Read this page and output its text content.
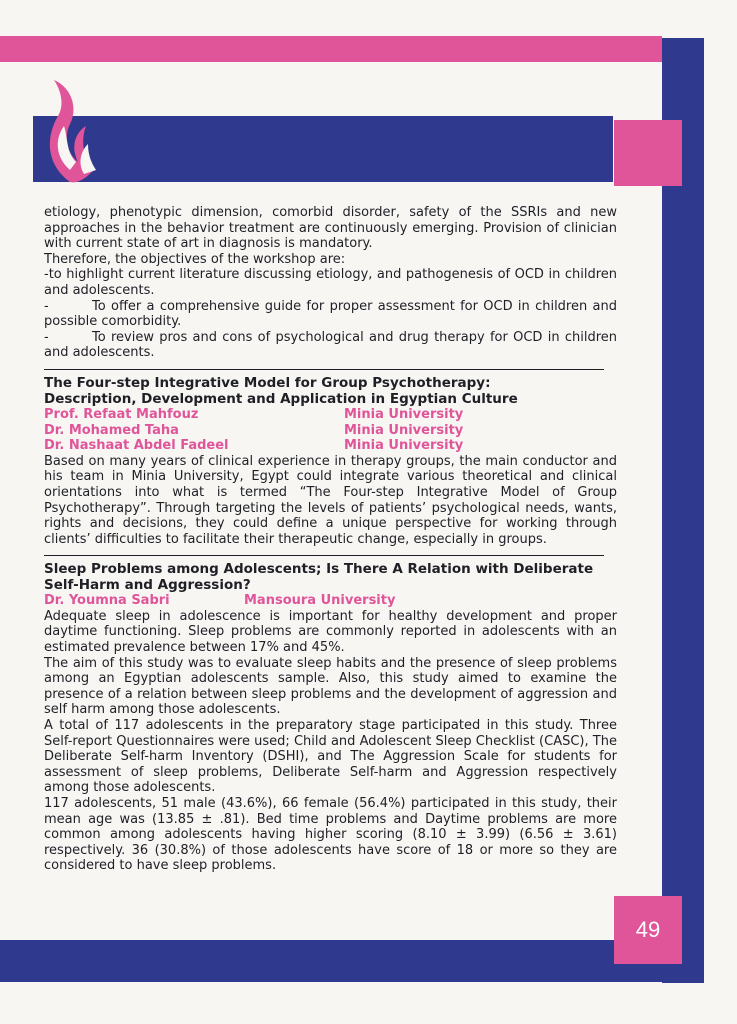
etiology, phenotypic dimension, comorbid disorder, safety of the SSRIs and new approaches in the behavior treatment are continuously emerging. Provision of clinician with current state of art in diagnosis is mandatory.

Therefore, the objectives of the workshop are:

-to highlight current literature discussing etiology, and pathogenesis of OCD in children and adolescents.

-	To offer a comprehensive guide for proper assessment for OCD in children and possible comorbidity.

-	To review pros and cons of psychological and drug therapy for OCD in children and adolescents.

The Four-step Integrative Model for Group Psychotherapy:
Description, Development and Application in Egyptian Culture
Prof. Refaat Mahfouz	Minia University
Dr. Mohamed Taha	Minia University
Dr. Nashaat Abdel Fadeel	Minia University

Based on many years of clinical experience in therapy groups, the main conductor and his team in Minia University, Egypt could integrate various theoretical and clinical orientations into what is termed “The Four-step Integrative Model of Group Psychotherapy”. Through targeting the levels of patients’ psychological needs, wants, rights and decisions, they could define a unique perspective for working through clients’ difficulties to facilitate their therapeutic change, especially in groups.

Sleep Problems among Adolescents; Is There A Relation with Deliberate
Self-Harm and Aggression?
Dr. Youmna Sabri	Mansoura University

Adequate sleep in adolescence is important for healthy development and proper daytime functioning. Sleep problems are commonly reported in adolescents with an estimated prevalence between 17% and 45%.

The aim of this study was to evaluate sleep habits and the presence of sleep problems among an Egyptian adolescents sample. Also, this study aimed to examine the presence of a relation between sleep problems and the development of aggression and self harm among those adolescents.

A total of 117 adolescents in the preparatory stage participated in this study. Three Self-report Questionnaires were used; Child and Adolescent Sleep Checklist (CASC), The Deliberate Self-harm Inventory (DSHI), and The Aggression Scale for students for assessment of sleep problems, Deliberate Self-harm and Aggression respectively among those adolescents.

117 adolescents, 51 male (43.6%), 66 female (56.4%) participated in this study, their mean age was (13.85 ± .81). Bed time problems and Daytime problems are more common among adolescents having higher scoring (8.10 ± 3.99) (6.56 ± 3.61) respectively. 36 (30.8%) of those adolescents have score of 18 or more so they are considered to have sleep problems.

49
